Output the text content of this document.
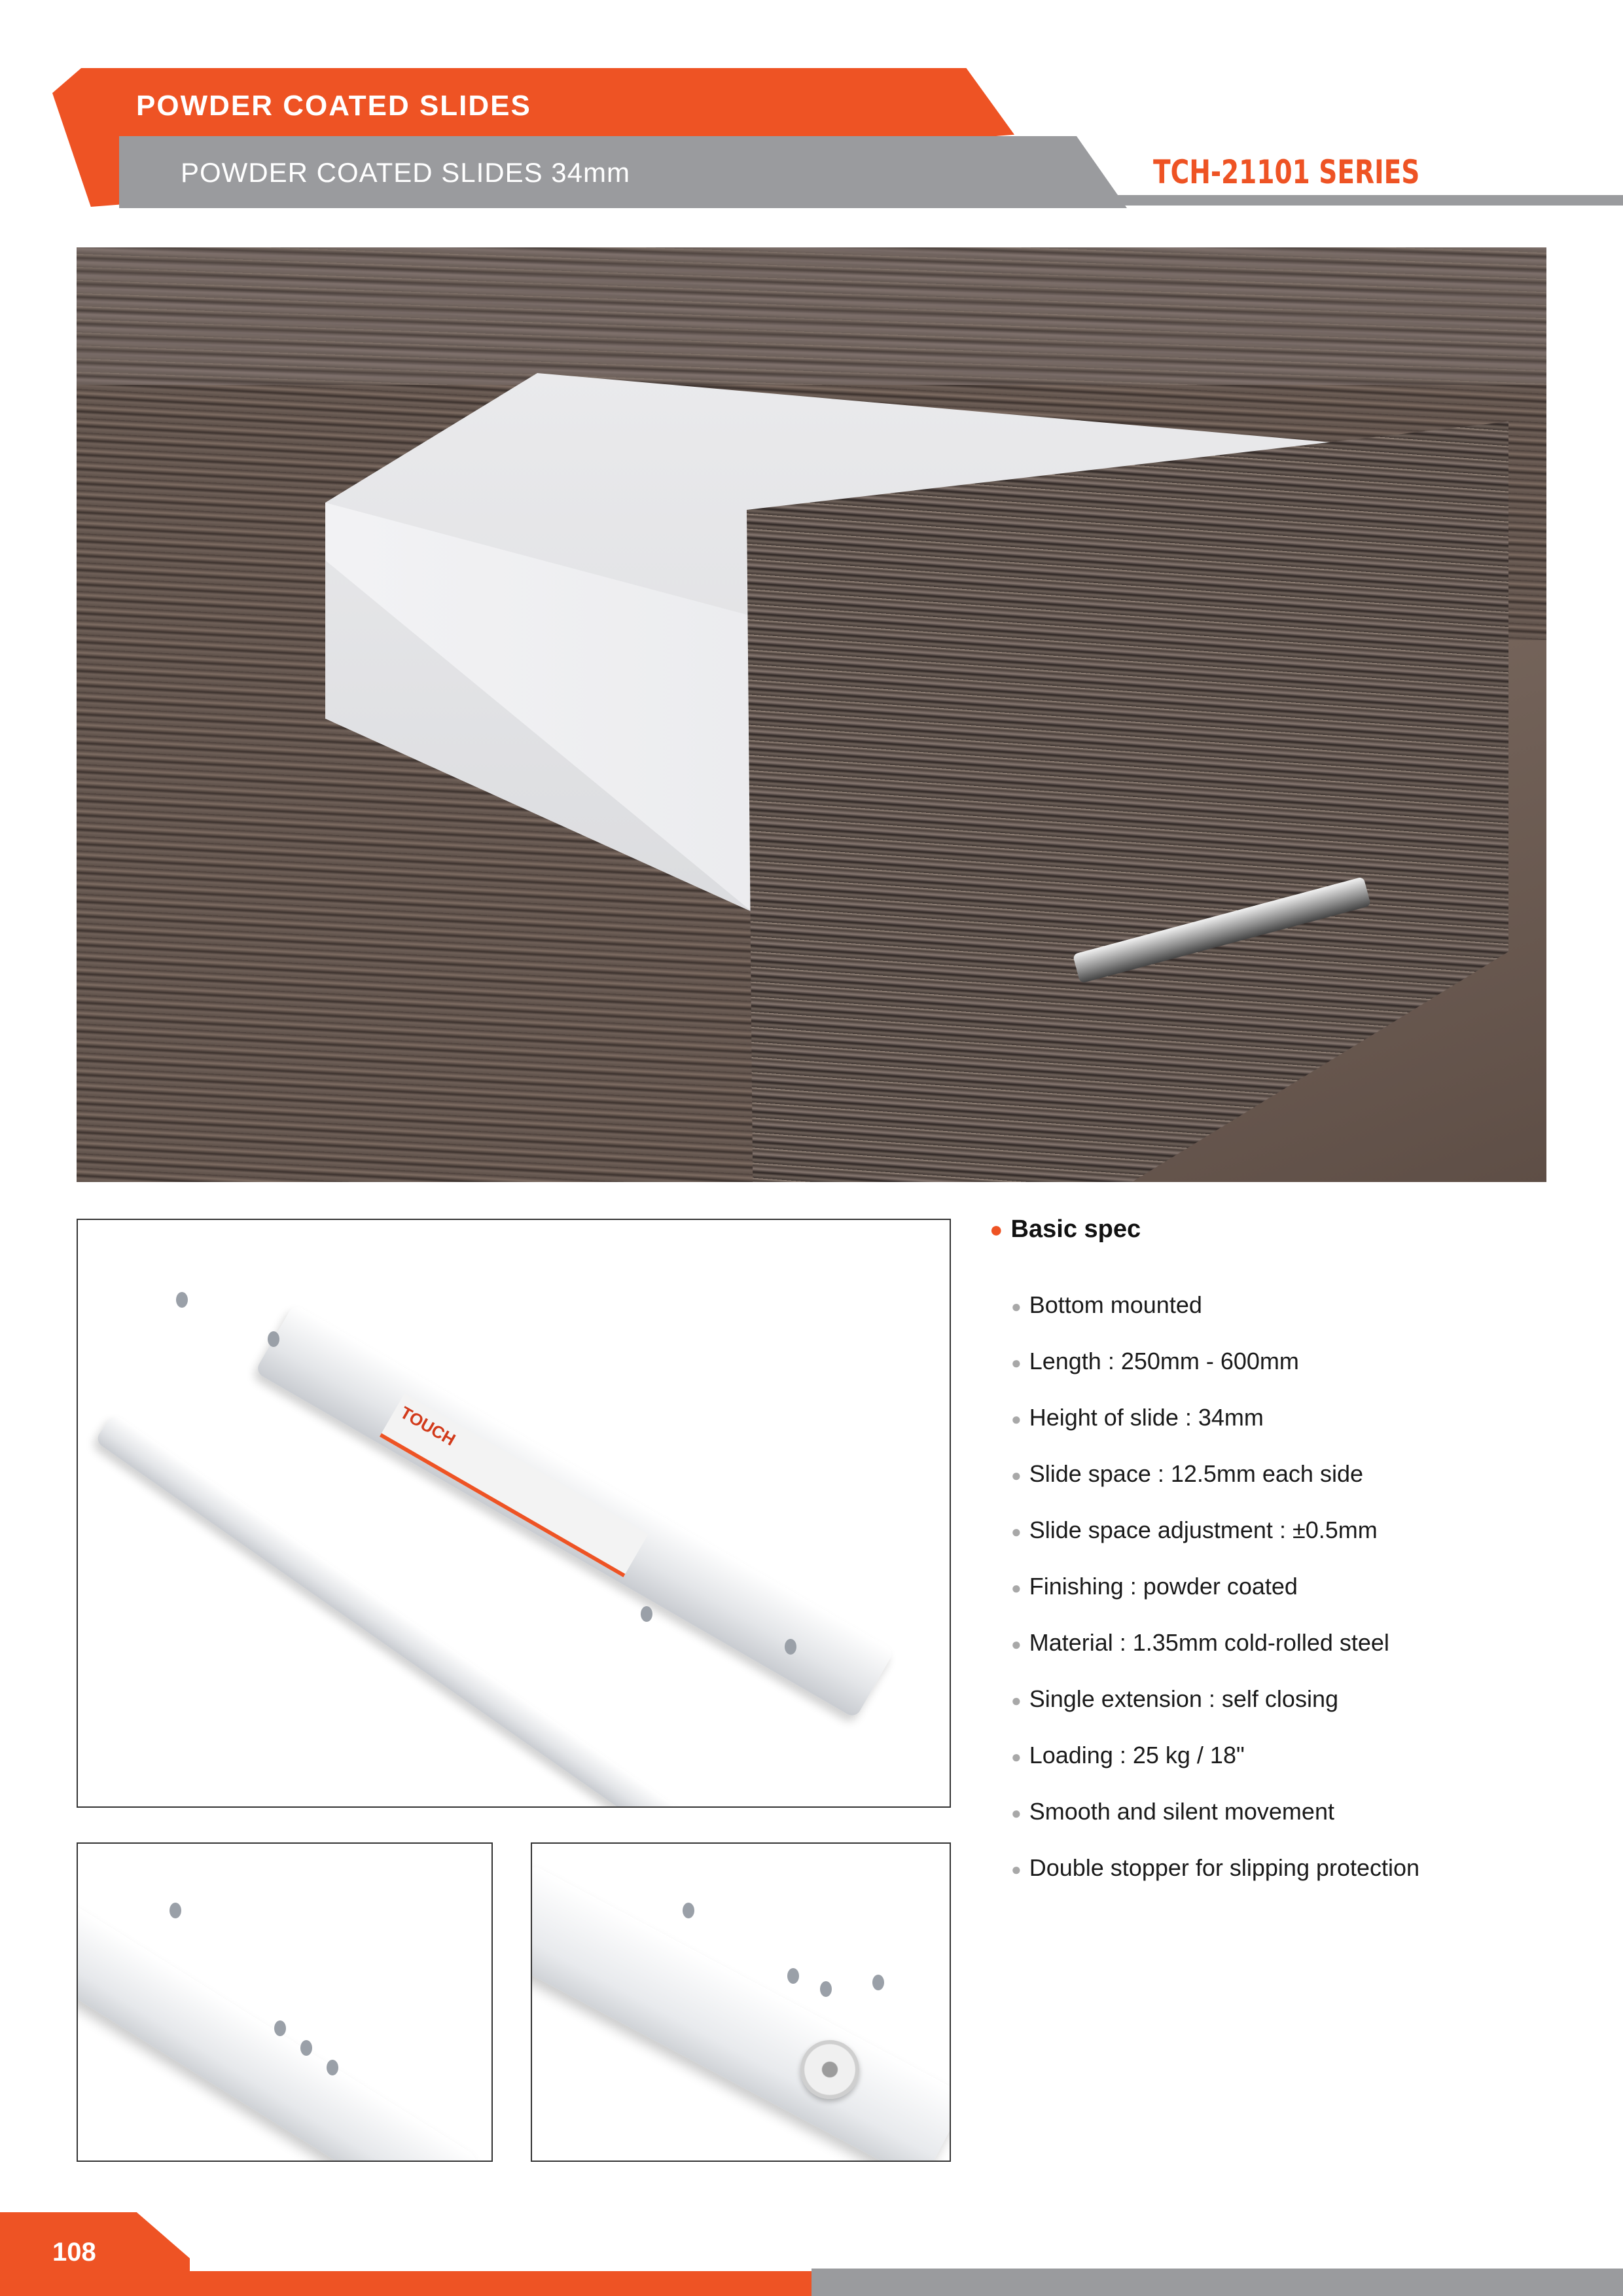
POWDER COATED SLIDES
POWDER COATED SLIDES 34mm	TCH-21101 SERIES
TOUCH
● Basic spec
● Bottom mounted
● Length : 250mm - 600mm
● Height of slide : 34mm
● Slide space : 12.5mm each side
● Slide space adjustment : ±0.5mm
● Finishing : powder coated
● Material : 1.35mm cold-rolled steel
● Single extension : self closing
● Loading : 25 kg / 18"
● Smooth and silent movement
● Double stopper for slipping protection
108
